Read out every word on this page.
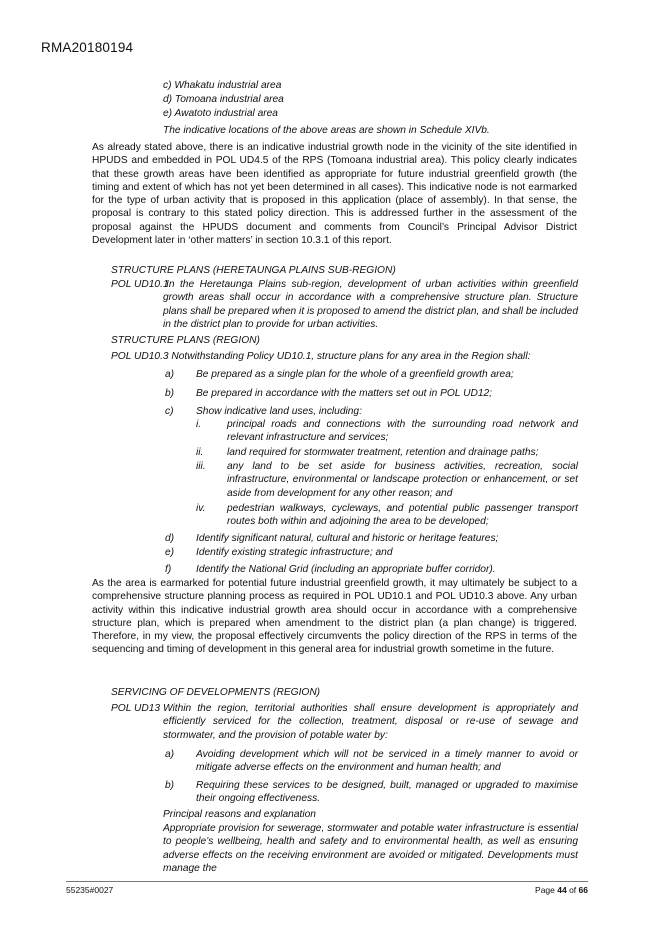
RMA20180194
c) Whakatu industrial area
d) Tomoana industrial area
e) Awatoto industrial area
The indicative locations of the above areas are shown in Schedule XIVb.
As already stated above, there is an indicative industrial growth node in the vicinity of the site identified in HPUDS and embedded in POL UD4.5 of the RPS (Tomoana industrial area). This policy clearly indicates that these growth areas have been identified as appropriate for future industrial greenfield growth (the timing and extent of which has not yet been determined in all cases). This indicative node is not earmarked for the type of urban activity that is proposed in this application (place of assembly). In that sense, the proposal is contrary to this stated policy direction. This is addressed further in the assessment of the proposal against the HPUDS document and comments from Council’s Principal Advisor District Development later in ‘other matters’ in section 10.3.1 of this report.
STRUCTURE PLANS (HERETAUNGA PLAINS SUB-REGION)
POL UD10.1
In the Heretaunga Plains sub-region, development of urban activities within greenfield growth areas shall occur in accordance with a comprehensive structure plan. Structure plans shall be prepared when it is proposed to amend the district plan, and shall be included in the district plan to provide for urban activities.
STRUCTURE PLANS (REGION)
POL UD10.3 Notwithstanding Policy UD10.1, structure plans for any area in the Region shall:
a) Be prepared as a single plan for the whole of a greenfield growth area;
b) Be prepared in accordance with the matters set out in POL UD12;
c) Show indicative land uses, including:
i.	principal roads and connections with the surrounding road network and relevant infrastructure and services;
ii. land required for stormwater treatment, retention and drainage paths;
iii. any land to be set aside for business activities, recreation, social infrastructure, environmental or landscape protection or enhancement, or set aside from development for any other reason; and
iv. pedestrian walkways, cycleways, and potential public passenger transport routes both within and adjoining the area to be developed;
d) Identify significant natural, cultural and historic or heritage features;
e) Identify existing strategic infrastructure; and
f) Identify the National Grid (including an appropriate buffer corridor).
As the area is earmarked for potential future industrial greenfield growth, it may ultimately be subject to a comprehensive structure planning process as required in POL UD10.1 and POL UD10.3 above. Any urban activity within this indicative industrial growth area should occur in accordance with a comprehensive structure plan, which is prepared when amendment to the district plan (a plan change) is triggered. Therefore, in my view, the proposal effectively circumvents the policy direction of the RPS in terms of the sequencing and timing of development in this general area for industrial growth sometime in the future.
SERVICING OF DEVELOPMENTS (REGION)
POL UD13 Within the region, territorial authorities shall ensure development is appropriately and efficiently serviced for the collection, treatment, disposal or re-use of sewage and stormwater, and the provision of potable water by:
a) Avoiding development which will not be serviced in a timely manner to avoid or mitigate adverse effects on the environment and human health; and
b) Requiring these services to be designed, built, managed or upgraded to maximise their ongoing effectiveness.
Principal reasons and explanation
Appropriate provision for sewerage, stormwater and potable water infrastructure is essential to people’s wellbeing, health and safety and to environmental health, as well as ensuring adverse effects on the receiving environment are avoided or mitigated. Developments must manage the
55235#0027	Page 44 of 66
